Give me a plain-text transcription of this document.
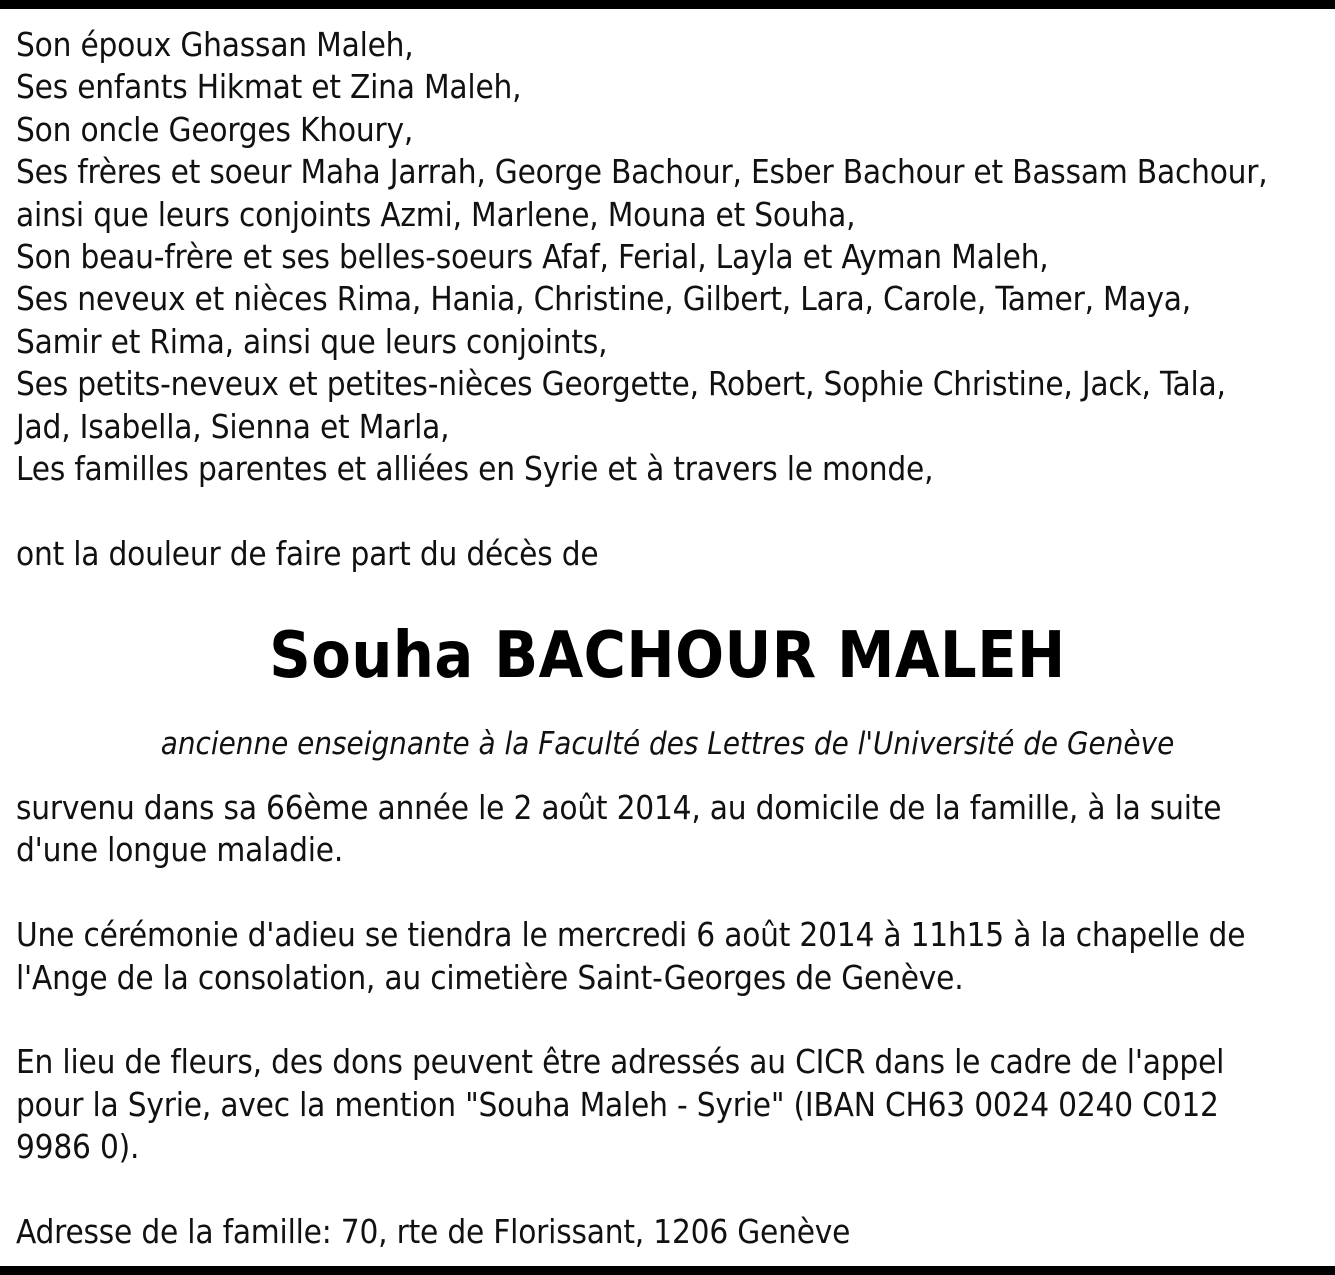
Son époux Ghassan Maleh,
Ses enfants Hikmat et Zina Maleh,
Son oncle Georges Khoury,
Ses frères et soeur Maha Jarrah, George Bachour, Esber Bachour et Bassam Bachour,
ainsi que leurs conjoints Azmi, Marlene, Mouna et Souha,
Son beau-frère et ses belles-soeurs Afaf, Ferial, Layla et Ayman Maleh,
Ses neveux et nièces Rima, Hania, Christine, Gilbert, Lara, Carole, Tamer, Maya,
Samir et Rima, ainsi que leurs conjoints,
Ses petits-neveux et petites-nièces Georgette, Robert, Sophie Christine, Jack, Tala,
Jad, Isabella, Sienna et Marla,
Les familles parentes et alliées en Syrie et à travers le monde,
ont la douleur de faire part du décès de
Souha BACHOUR MALEH
ancienne enseignante à la Faculté des Lettres de l'Université de Genève
survenu dans sa 66ème année le 2 août 2014, au domicile de la famille, à la suite
d'une longue maladie.
Une cérémonie d'adieu se tiendra le mercredi 6 août 2014 à 11h15 à la chapelle de
l'Ange de la consolation, au cimetière Saint-Georges de Genève.
En lieu de fleurs, des dons peuvent être adressés au CICR dans le cadre de l'appel
pour la Syrie, avec la mention "Souha Maleh - Syrie" (IBAN CH63 0024 0240 C012
9986 0).
Adresse de la famille: 70, rte de Florissant, 1206 Genève
